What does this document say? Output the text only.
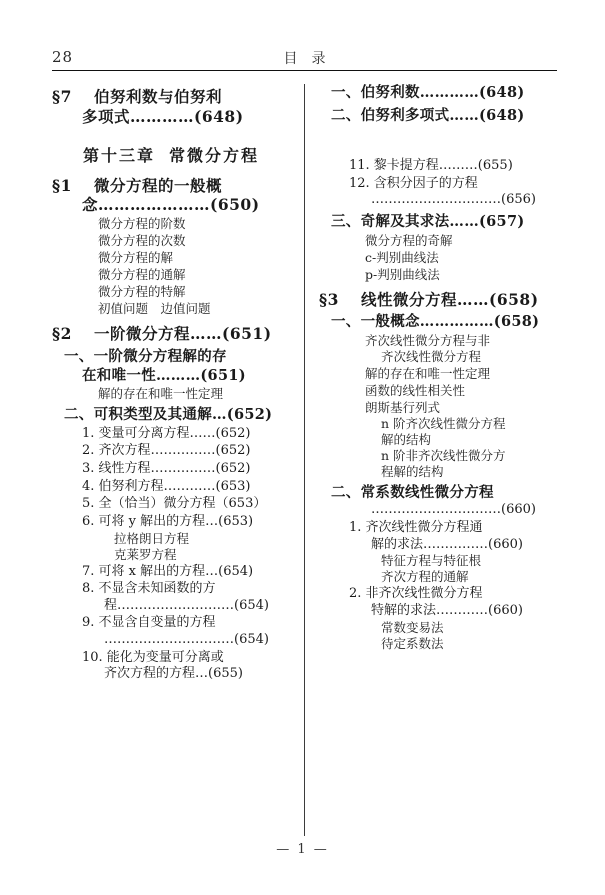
28	目录
§7 伯努利数与伯努利
多项式…………(648)
第十三章 常微分方程
§1 微分方程的一般概
念…………………(650)
微分方程的阶数
微分方程的次数
微分方程的解
微分方程的通解
微分方程的特解
初值问题　边值问题
§2 一阶微分方程……(651)
一、一阶微分方程解的存
在和唯一性………(651)
解的存在和唯一性定理
二、可积类型及其通解…(652)
1. 变量可分离方程……(652)
2. 齐次方程……………(652)
3. 线性方程……………(652)
4. 伯努利方程…………(653)
5. 全（恰当）微分方程（653）
6. 可将 y 解出的方程…(653)
拉格朗日方程
克莱罗方程
7. 可将 x 解出的方程…(654)
8. 不显含未知函数的方
程………………………(654)
9. 不显含自变量的方程
…………………………(654)
10. 能化为变量可分离或
齐次方程的方程…(655)
一、伯努利数…………(648)
二、伯努利多项式……(648)
11. 黎卡提方程………(655)
12. 含积分因子的方程
…………………………(656)
三、奇解及其求法……(657)
微分方程的奇解
c-判别曲线法
p-判别曲线法
§3 线性微分方程……(658)
一、一般概念……………(658)
齐次线性微分方程与非
齐次线性微分方程
解的存在和唯一性定理
函数的线性相关性
朗斯基行列式
n 阶齐次线性微分方程
解的结构
n 阶非齐次线性微分方
程解的结构
二、常系数线性微分方程
…………………………(660)
1. 齐次线性微分方程通
解的求法……………(660)
特征方程与特征根
齐次方程的通解
2. 非齐次线性微分方程
特解的求法…………(660)
常数变易法
待定系数法
— 1 —
